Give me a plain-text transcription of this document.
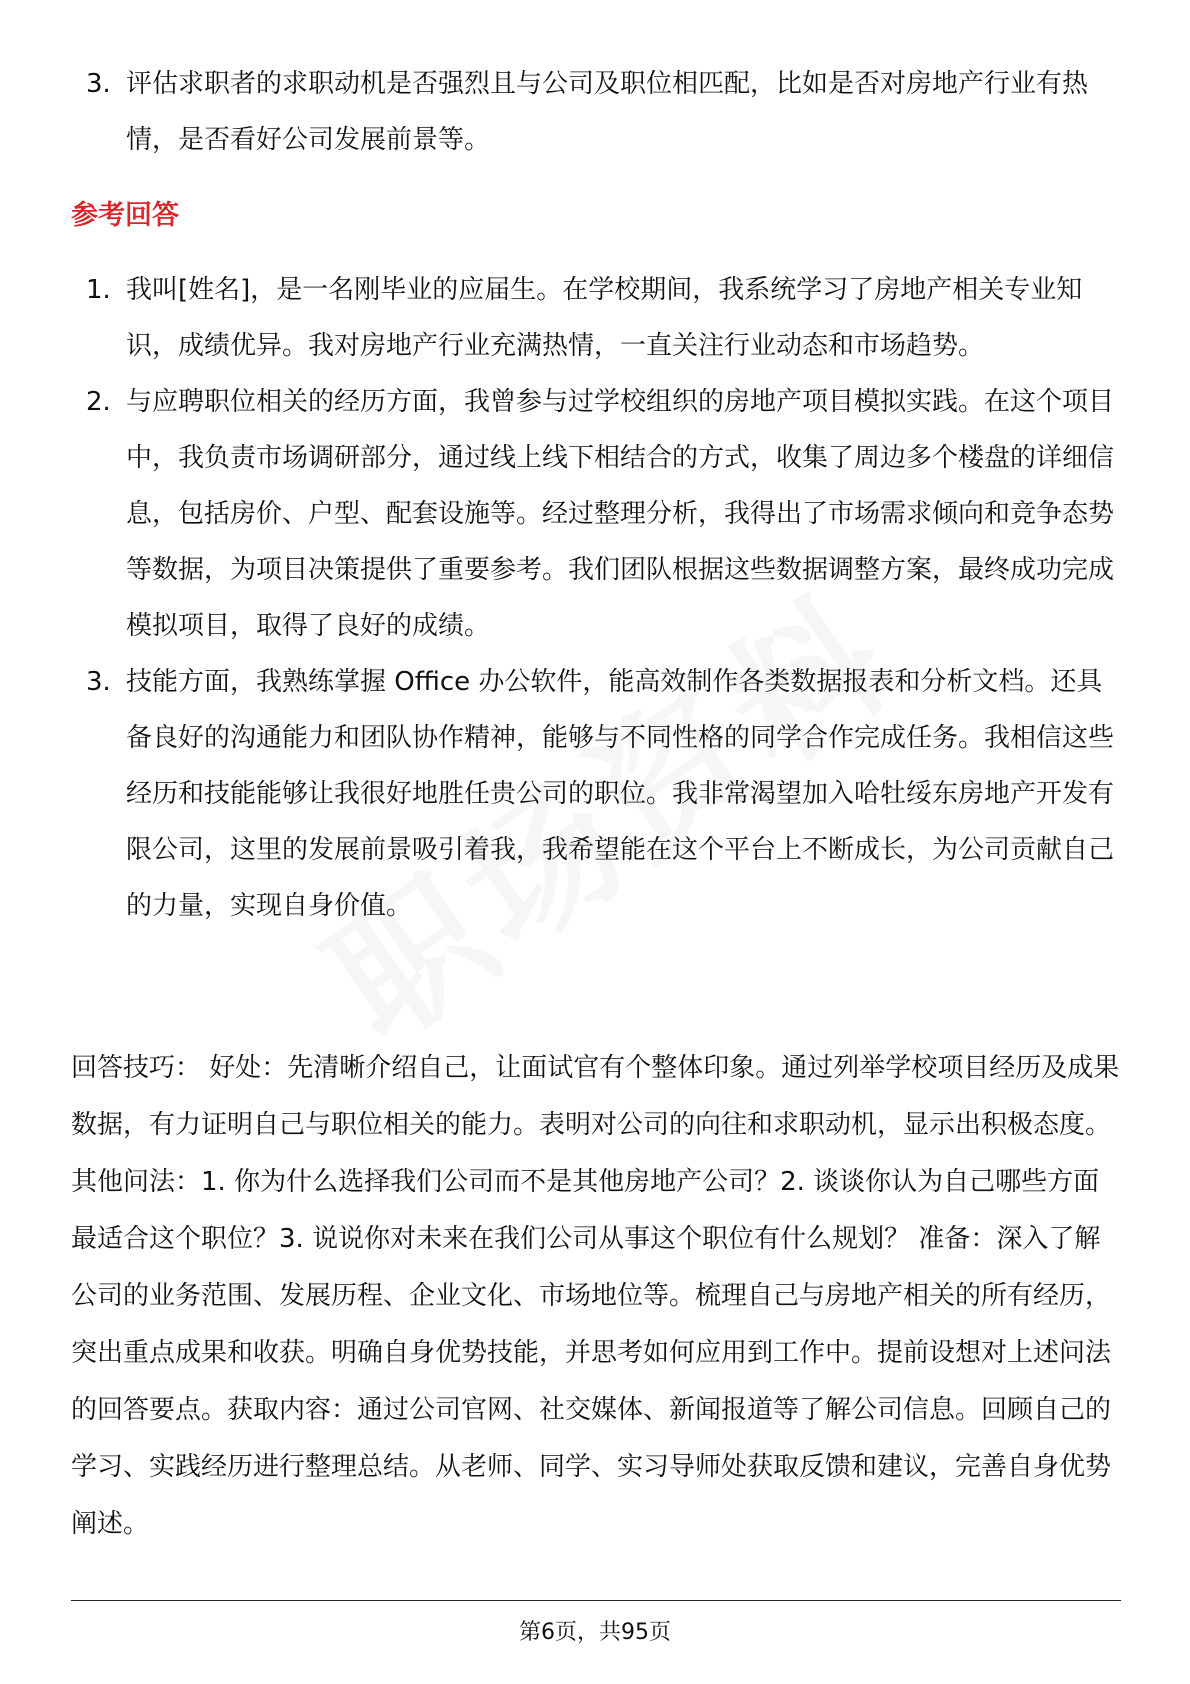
3. 评估求职者的求职动机是否强烈且与公司及职位相匹配，比如是否对房地产行业有热情，是否看好公司发展前景等。
参考回答
1. 我叫[姓名]，是一名刚毕业的应届生。在学校期间，我系统学习了房地产相关专业知识，成绩优异。我对房地产行业充满热情，一直关注行业动态和市场趋势。
2. 与应聘职位相关的经历方面，我曾参与过学校组织的房地产项目模拟实践。在这个项目中，我负责市场调研部分，通过线上线下相结合的方式，收集了周边多个楼盘的详细信息，包括房价、户型、配套设施等。经过整理分析，我得出了市场需求倾向和竞争态势等数据，为项目决策提供了重要参考。我们团队根据这些数据调整方案，最终成功完成模拟项目，取得了良好的成绩。
3. 技能方面，我熟练掌握 Office 办公软件，能高效制作各类数据报表和分析文档。还具备良好的沟通能力和团队协作精神，能够与不同性格的同学合作完成任务。我相信这些经历和技能能够让我很好地胜任贵公司的职位。我非常渴望加入哈牡绥东房地产开发有限公司，这里的发展前景吸引着我，我希望能在这个平台上不断成长，为公司贡献自己的力量，实现自身价值。

回答技巧： 好处：先清晰介绍自己，让面试官有个整体印象。通过列举学校项目经历及成果数据，有力证明自己与职位相关的能力。表明对公司的向往和求职动机，显示出积极态度。 其他问法：1. 你为什么选择我们公司而不是其他房地产公司？2. 谈谈你认为自己哪些方面最适合这个职位？3. 说说你对未来在我们公司从事这个职位有什么规划？ 准备：深入了解公司的业务范围、发展历程、企业文化、市场地位等。梳理自己与房地产相关的所有经历，突出重点成果和收获。明确自身优势技能，并思考如何应用到工作中。提前设想对上述问法的回答要点。获取内容：通过公司官网、社交媒体、新闻报道等了解公司信息。回顾自己的学习、实践经历进行整理总结。从老师、同学、实习导师处获取反馈和建议，完善自身优势阐述。

第6页，共95页
